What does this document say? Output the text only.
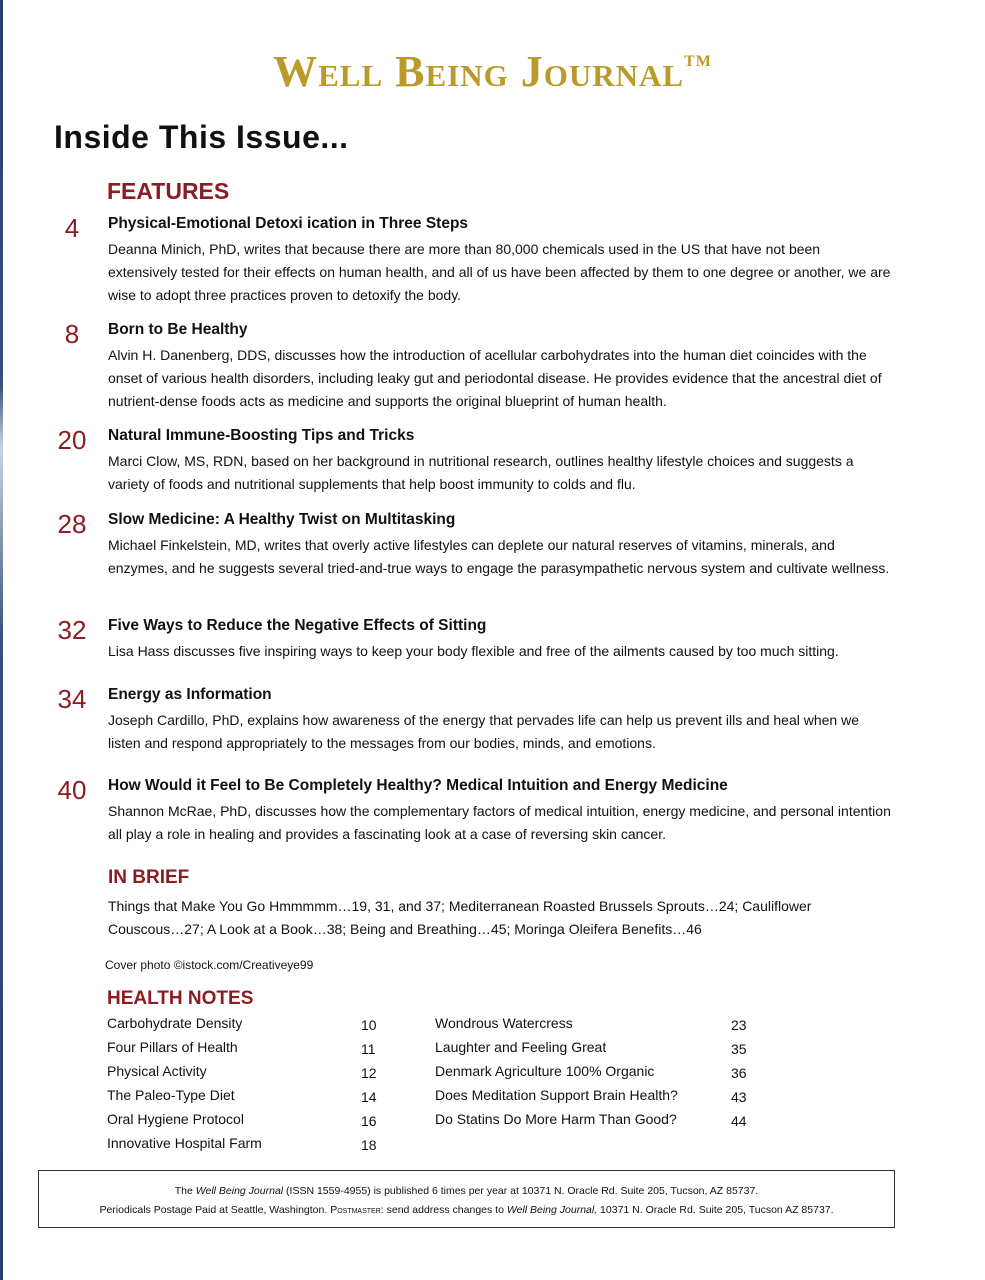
Well Being Journal™
Inside This Issue...
FEATURES
4	Physical-Emotional Detoxi ication in Three Steps

Deanna Minich, PhD, writes that because there are more than 80,000 chemicals used in the US that have not been extensively tested for their effects on human health, and all of us have been affected by them to one degree or another, we are wise to adopt three practices proven to detoxify the body.

8	Born to Be Healthy

Alvin H. Danenberg, DDS, discusses how the introduction of acellular carbohydrates into the human diet coincides with the onset of various health disorders, including leaky gut and periodontal disease. He provides evidence that the ancestral diet of nutrient-dense foods acts as medicine and supports the original blueprint of human health.

20	Natural Immune-Boosting Tips and Tricks

Marci Clow, MS, RDN, based on her background in nutritional research, outlines healthy lifestyle choices and suggests a variety of foods and nutritional supplements that help boost immunity to colds and flu.

28	Slow Medicine: A Healthy Twist on Multitasking

Michael Finkelstein, MD, writes that overly active lifestyles can deplete our natural reserves of vitamins, minerals, and enzymes, and he suggests several tried-and-true ways to engage the parasympathetic nervous system and cultivate wellness.

32	Five Ways to Reduce the Negative Effects of Sitting

Lisa Hass discusses five inspiring ways to keep your body flexible and free of the ailments caused by too much sitting.

34	Energy as Information

Joseph Cardillo, PhD, explains how awareness of the energy that pervades life can help us prevent ills and heal when we listen and respond appropriately to the messages from our bodies, minds, and emotions.

40	How Would it Feel to Be Completely Healthy? Medical Intuition and Energy Medicine

Shannon McRae, PhD, discusses how the complementary factors of medical intuition, energy medicine, and personal intention all play a role in healing and provides a fascinating look at a case of reversing skin cancer.

IN BRIEF

Things that Make You Go Hmmmmm…19, 31, and 37; Mediterranean Roasted Brussels Sprouts…24; Cauliflower Couscous…27; A Look at a Book…38; Being and Breathing…45; Moringa Oleifera Benefits…46

Cover photo ©istock.com/Creativeye99
HEALTH NOTES
Carbohydrate Density	10
Four Pillars of Health	11
Physical Activity	12
The Paleo-Type Diet	14
Oral Hygiene Protocol	16
Innovative Hospital Farm	18
Wondrous Watercress	23
Laughter and Feeling Great	35
Denmark Agriculture 100% Organic	36
Does Meditation Support Brain Health?	43
Do Statins Do More Harm Than Good?	44
The Well Being Journal (ISSN 1559-4955) is published 6 times per year at 10371 N. Oracle Rd. Suite 205, Tucson, AZ 85737.
Periodicals Postage Paid at Seattle, Washington. Postmaster: send address changes to Well Being Journal, 10371 N. Oracle Rd. Suite 205, Tucson AZ 85737.
